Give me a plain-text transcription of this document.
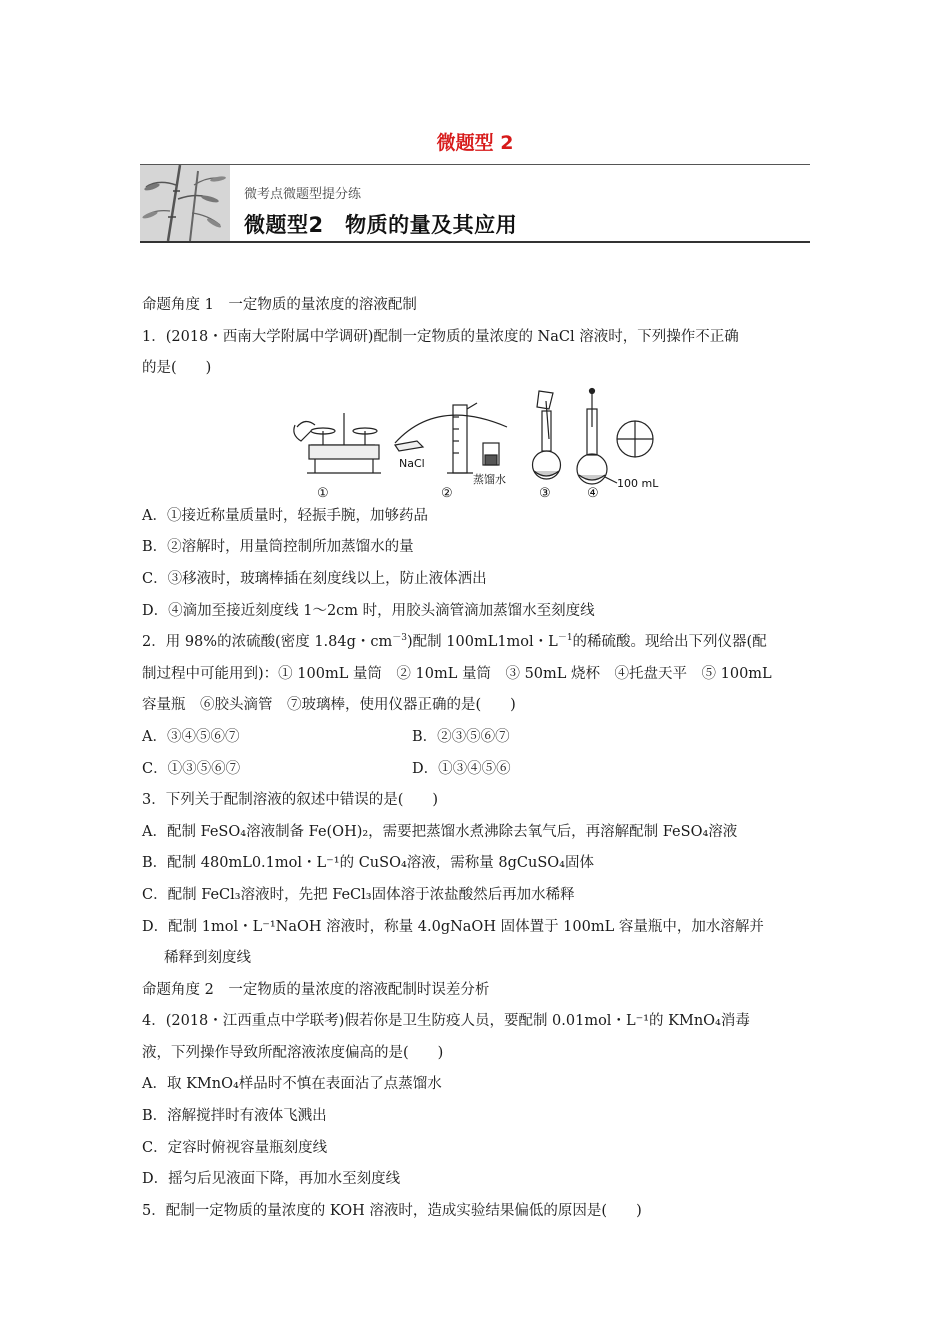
微题型 2
微考点微题型提分练
微题型2　物质的量及其应用
命题角度 1　一定物质的量浓度的溶液配制
1．(2018・西南大学附属中学调研)配制一定物质的量浓度的 NaCl 溶液时，下列操作不正确
的是(　　)
NaCl
蒸馏水	100 mL
①	②	③	④
A．①接近称量质量时，轻振手腕，加够药品
B．②溶解时，用量筒控制所加蒸馏水的量
C．③移液时，玻璃棒插在刻度线以上，防止液体洒出
D．④滴加至接近刻度线 1～2cm 时，用胶头滴管滴加蒸馏水至刻度线
2．用 98%的浓硫酸(密度 1.84g・$cm^{-3}$)配制 100mL1mol・$L^{-1}$的稀硫酸。现给出下列仪器(配
制过程中可能用到)：① 100mL 量筒　② 10mL 量筒　③ 50mL 烧杯　④托盘天平　⑤ 100mL
容量瓶　⑥胶头滴管　⑦玻璃棒，使用仪器正确的是(　　)
A．③④⑤⑥⑦	B．②③⑤⑥⑦
C．①③⑤⑥⑦	D．①③④⑤⑥
3．下列关于配制溶液的叙述中错误的是(　　)
A．配制 FeSO₄溶液制备 Fe(OH)₂，需要把蒸馏水煮沸除去氧气后，再溶解配制 FeSO₄溶液
B．配制 480mL0.1mol・L⁻¹的 CuSO₄溶液，需称量 8gCuSO₄固体
C．配制 FeCl₃溶液时，先把 FeCl₃固体溶于浓盐酸然后再加水稀释
D．配制 1mol・L⁻¹NaOH 溶液时，称量 4.0gNaOH 固体置于 100mL 容量瓶中，加水溶解并
稀释到刻度线
命题角度 2　一定物质的量浓度的溶液配制时误差分析
4．(2018・江西重点中学联考)假若你是卫生防疫人员，要配制 0.01mol・L⁻¹的 KMnO₄消毒
液，下列操作导致所配溶液浓度偏高的是(　　)
A．取 KMnO₄样品时不慎在表面沾了点蒸馏水
B．溶解搅拌时有液体飞溅出
C．定容时俯视容量瓶刻度线
D．摇匀后见液面下降，再加水至刻度线
5．配制一定物质的量浓度的 KOH 溶液时，造成实验结果偏低的原因是(　　)
